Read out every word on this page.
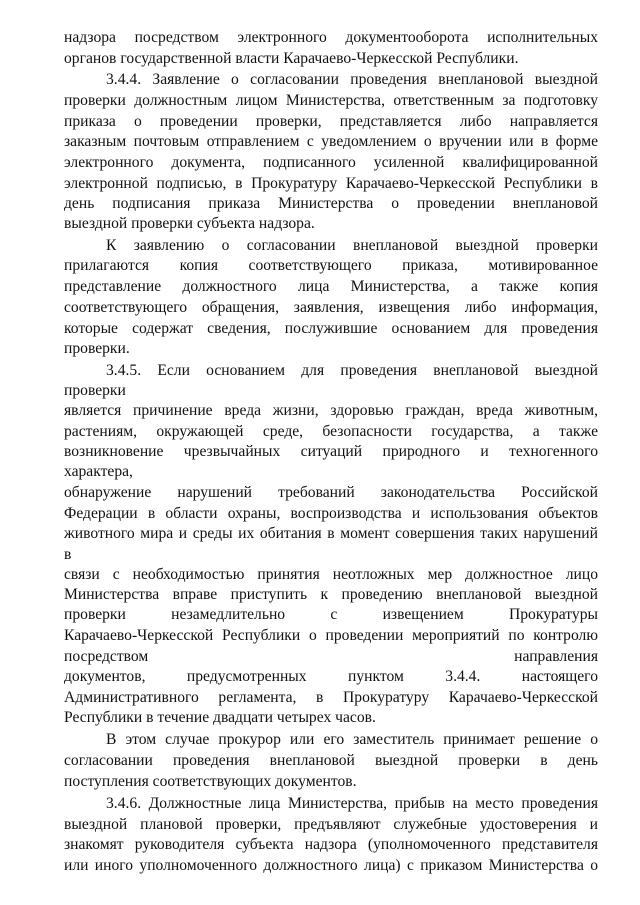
надзора посредством электронного документооборота исполнительных
органов государственной власти Карачаево-Черкесской Республики.
3.4.4. Заявление о согласовании проведения внеплановой выездной
проверки должностным лицом Министерства, ответственным за подготовку
приказа о проведении проверки, представляется либо направляется
заказным почтовым отправлением с уведомлением о вручении или в форме
электронного документа, подписанного усиленной квалифицированной
электронной подписью, в Прокуратуру Карачаево-Черкесской Республики в
день подписания приказа Министерства о проведении внеплановой
выездной проверки субъекта надзора.
К заявлению о согласовании внеплановой выездной проверки
прилагаются копия соответствующего приказа, мотивированное
представление должностного лица Министерства, а также копия
соответствующего обращения, заявления, извещения либо информация,
которые содержат сведения, послужившие основанием для проведения
проверки.
3.4.5. Если основанием для проведения внеплановой выездной
проверки
является причинение вреда жизни, здоровью граждан, вреда животным,
растениям, окружающей среде, безопасности государства, а также
возникновение чрезвычайных ситуаций природного и техногенного
характера,
обнаружение нарушений требований законодательства Российской
Федерации в области охраны, воспроизводства и использования объектов
животного мира и среды их обитания в момент совершения таких нарушений
в
связи с необходимостью принятия неотложных мер должностное лицо
Министерства вправе приступить к проведению внеплановой выездной
проверки незамедлительно с извещением Прокуратуры
Карачаево-Черкесской Республики о проведении мероприятий по контролю
посредством направления
документов, предусмотренных пунктом 3.4.4. настоящего
Административного регламента, в Прокуратуру Карачаево-Черкесской
Республики в течение двадцати четырех часов.
В этом случае прокурор или его заместитель принимает решение о
согласовании проведения внеплановой выездной проверки в день
поступления соответствующих документов.
3.4.6. Должностные лица Министерства, прибыв на место проведения
выездной плановой проверки, предъявляют служебные удостоверения и
знакомят руководителя субъекта надзора (уполномоченного представителя
или иного уполномоченного должностного лица) с приказом Министерства о
